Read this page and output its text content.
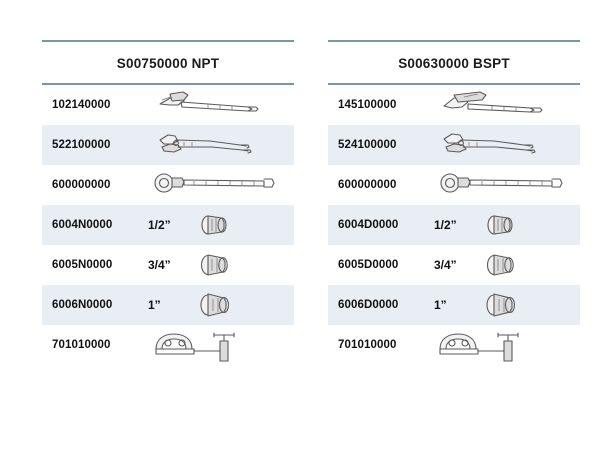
S00750000 NPT
102140000
522100000
600000000
6004N0000	1/2”
6005N0000	3/4”
6006N0000	1”
701010000
S00630000 BSPT
145100000
524100000
600000000
6004D0000	1/2”
6005D0000	3/4”
6006D0000	1”
701010000
